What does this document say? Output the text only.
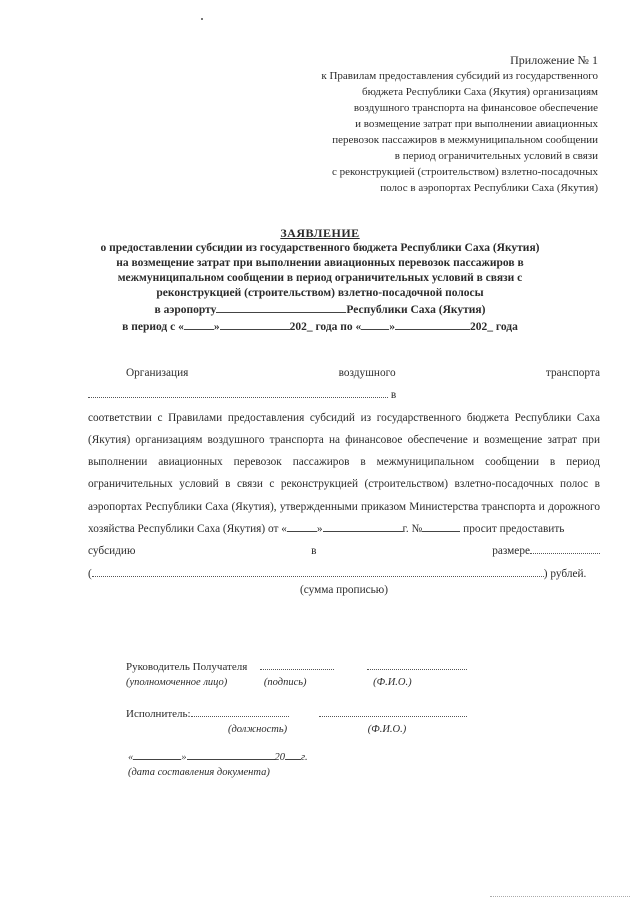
Приложение № 1
к Правилам предоставления субсидий из государственного
бюджета Республики Саха (Якутия) организациям
воздушного транспорта на финансовое обеспечение
и возмещение затрат при выполнении авиационных
перевозок пассажиров в межмуниципальном сообщении
в период ограничительных условий в связи
с реконструкцией (строительством) взлетно-посадочных
полос в аэропортах Республики Саха (Якутия)
ЗАЯВЛЕНИЕ
о предоставлении субсидии из государственного бюджета Республики Саха (Якутия)
на возмещение затрат при выполнении авиационных перевозок пассажиров в
межмуниципальном сообщении в период ограничительных условий в связи с
реконструкцией (строительством) взлетно-посадочной полосы
в аэропорту	Республики Саха (Якутия)
в период с «	»	202_ года по « »	202_ года

Организация воздушного транспорта  в

соответствии с Правилами предоставления субсидий из государственного бюджета Республики Саха (Якутия) организациям воздушного транспорта на финансовое обеспечение и возмещение затрат при выполнении авиационных перевозок пассажиров в межмуниципальном сообщении в период ограничительных условий в связи с реконструкцией (строительством) взлетно-посадочных полос в аэропортах Республики Саха (Якутия), утвержденными приказом Министерства транспорта и дорожного хозяйства Республики Саха (Якутия) от «	»	г. №	просит предоставить

субсидию	в	размере
(	) рублей.
(сумма прописью)
Руководитель Получателя
(уполномоченное лицо)	(подпись)	(Ф.И.О.)
Исполнитель:
(должность)	(Ф.И.О.)
«	»	20 г.
(дата составления документа)
